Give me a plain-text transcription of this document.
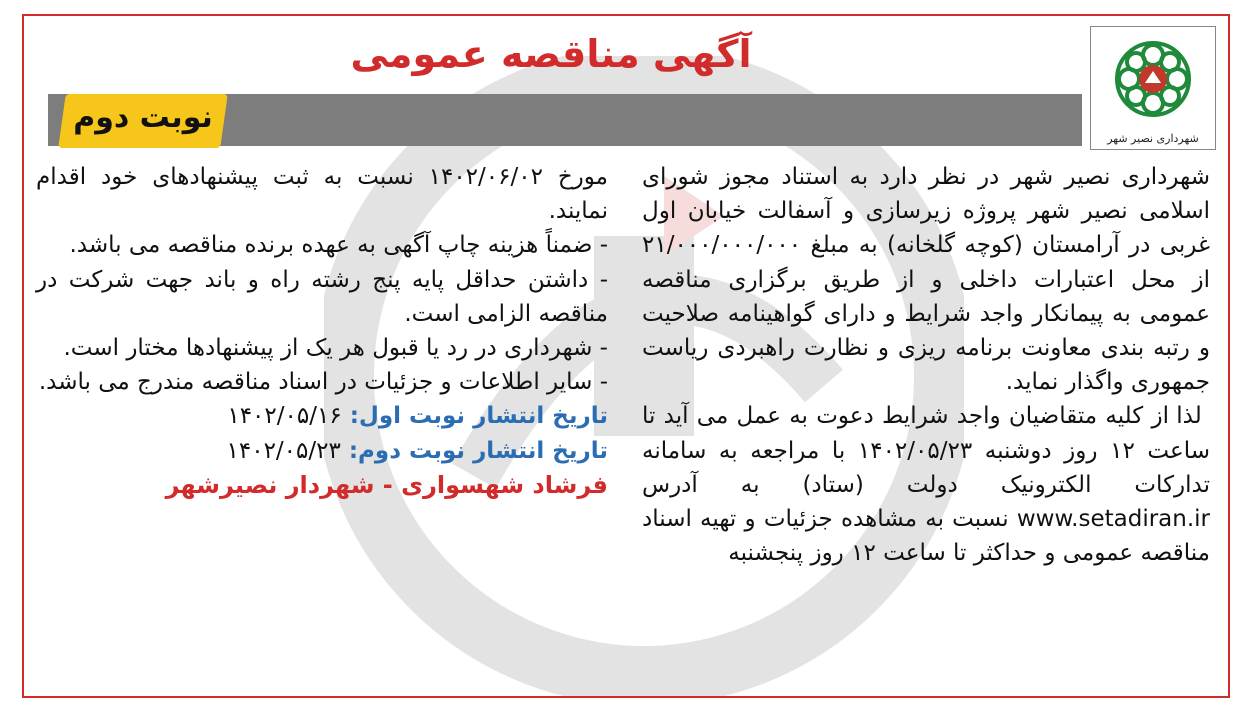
شهرداری نصیر شهر
آگهی مناقصه عمومی
نوبت دوم

شهرداری نصیر شهر در نظر دارد به استناد مجوز شورای اسلامی نصیر شهر پروژه زیرسازی و آسفالت خیابان اول غربی در آرامستان (کوچه گلخانه) به مبلغ ۲۱/۰۰۰/۰۰۰/۰۰۰ از محل اعتبارات داخلی و از طریق برگزاری مناقصه عمومی به پیمانکار واجد شرایط و دارای گواهینامه صلاحیت و رتبه بندی معاونت برنامه ریزی و نظارت راهبردی ریاست جمهوری واگذار نماید.

لذا از کلیه متقاضیان واجد شرایط دعوت به عمل می آید تا ساعت ۱۲ روز دوشنبه ۱۴۰۲/۰۵/۲۳ با مراجعه به سامانه تدارکات الکترونیک دولت (ستاد) به آدرس www.setadiran.ir نسبت به مشاهده جزئیات و تهیه اسناد مناقصه عمومی و حداکثر تا ساعت ۱۲ روز پنجشنبه

مورخ ۱۴۰۲/۰۶/۰۲ نسبت به ثبت پیشنهادهای خود اقدام نمایند.

- ضمناً هزینه چاپ آگهی به عهده برنده مناقصه می باشد.

- داشتن حداقل پایه پنج رشته راه و باند جهت شرکت در مناقصه الزامی است.

- شهرداری در رد یا قبول هر یک از پیشنهادها مختار است.

- سایر اطلاعات و جزئیات در اسناد مناقصه مندرج می باشد.

تاریخ انتشار نوبت اول: ۱۴۰۲/۰۵/۱۶

تاریخ انتشار نوبت دوم: ۱۴۰۲/۰۵/۲۳

فرشاد شهسواری - شهردار نصیرشهر
